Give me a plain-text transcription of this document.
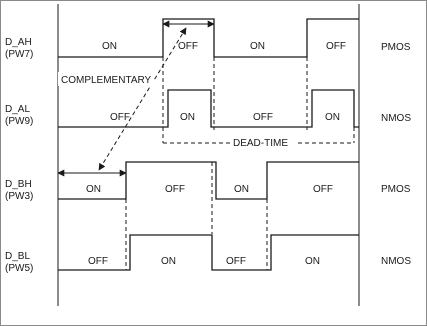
D_AH
(PW7)
ON	OFF	ON	OFF	PMOS
D_AL
(PW9)	OFF	ON	OFF	ON	NMOS
D_BH
(PW3)
ON	OFF	ON	OFF	PMOS
D_BL
(PW5)
OFF	ON	OFF	ON	NMOS
DEAD-TIME
COMPLEMENTARY
